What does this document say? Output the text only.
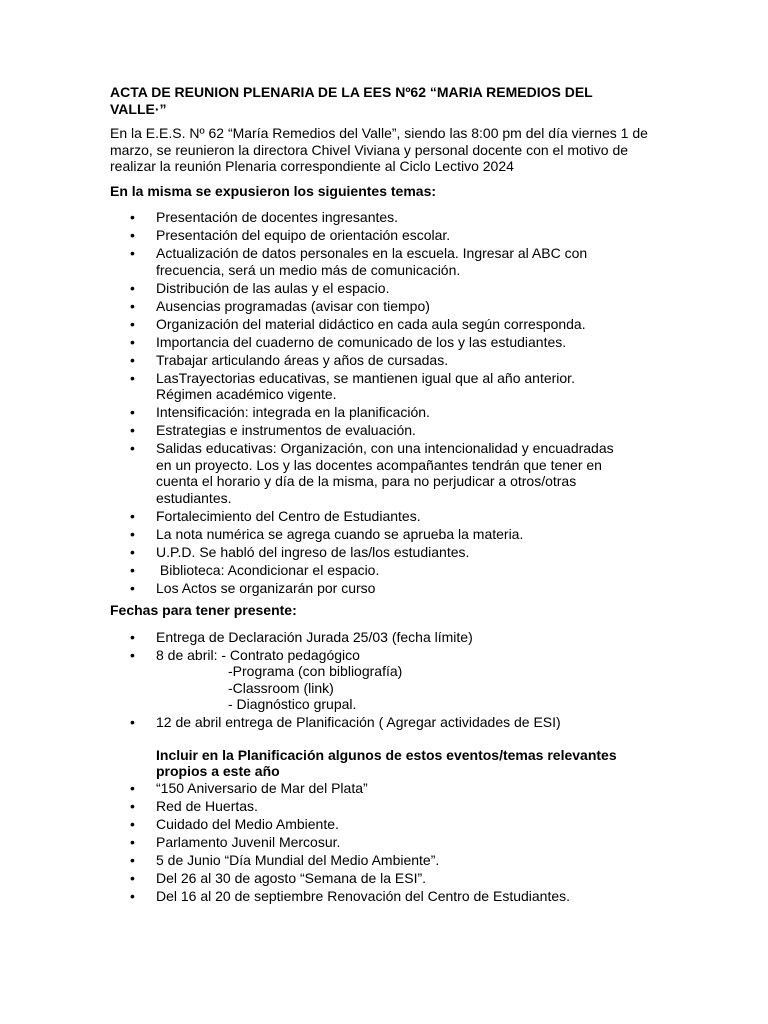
ACTA DE REUNION PLENARIA DE LA EES Nº62 “MARIA REMEDIOS DEL VALLE·”

En la E.E.S. Nº 62 “María Remedios del Valle”, siendo las 8:00 pm del día viernes 1 de marzo, se reunieron la directora Chivel Viviana y personal docente con el motivo de realizar la reunión Plenaria correspondiente al Ciclo Lectivo 2024

En la misma se expusieron los siguientes temas:

• Presentación de docentes ingresantes.
• Presentación del equipo de orientación escolar.
• Actualización de datos personales en la escuela. Ingresar al ABC con frecuencia, será un medio más de comunicación.
• Distribución de las aulas y el espacio.
• Ausencias programadas (avisar con tiempo)
• Organización del material didáctico en cada aula según corresponda.
• Importancia del cuaderno de comunicado de los y las estudiantes.
• Trabajar articulando áreas y años de cursadas.
• LasTrayectorias educativas, se mantienen igual que al año anterior. Régimen académico vigente.
• Intensificación: integrada en la planificación.
• Estrategias e instrumentos de evaluación.
• Salidas educativas: Organización, con una intencionalidad y encuadradas en un proyecto. Los y las docentes acompañantes tendrán que tener en cuenta el horario y día de la misma, para no perjudicar a otros/otras estudiantes.
• Fortalecimiento del Centro de Estudiantes.
• La nota numérica se agrega cuando se aprueba la materia.
• U.P.D. Se habló del ingreso de las/los estudiantes.
•  Biblioteca: Acondicionar el espacio.
• Los Actos se organizarán por curso

Fechas para tener presente:

• Entrega de Declaración Jurada 25/03 (fecha límite)
• 8 de abril: - Contrato pedagógico
-Programa (con bibliografía)
-Classroom (link)
- Diagnóstico grupal.
• 12 de abril entrega de Planificación ( Agregar actividades de ESI)

Incluir en la Planificación algunos de estos eventos/temas relevantes propios a este año

• “150 Aniversario de Mar del Plata”
• Red de Huertas.
• Cuidado del Medio Ambiente.
• Parlamento Juvenil Mercosur.
• 5 de Junio “Día Mundial del Medio Ambiente”.
• Del 26 al 30 de agosto “Semana de la ESI”.
• Del 16 al 20 de septiembre Renovación del Centro de Estudiantes.
